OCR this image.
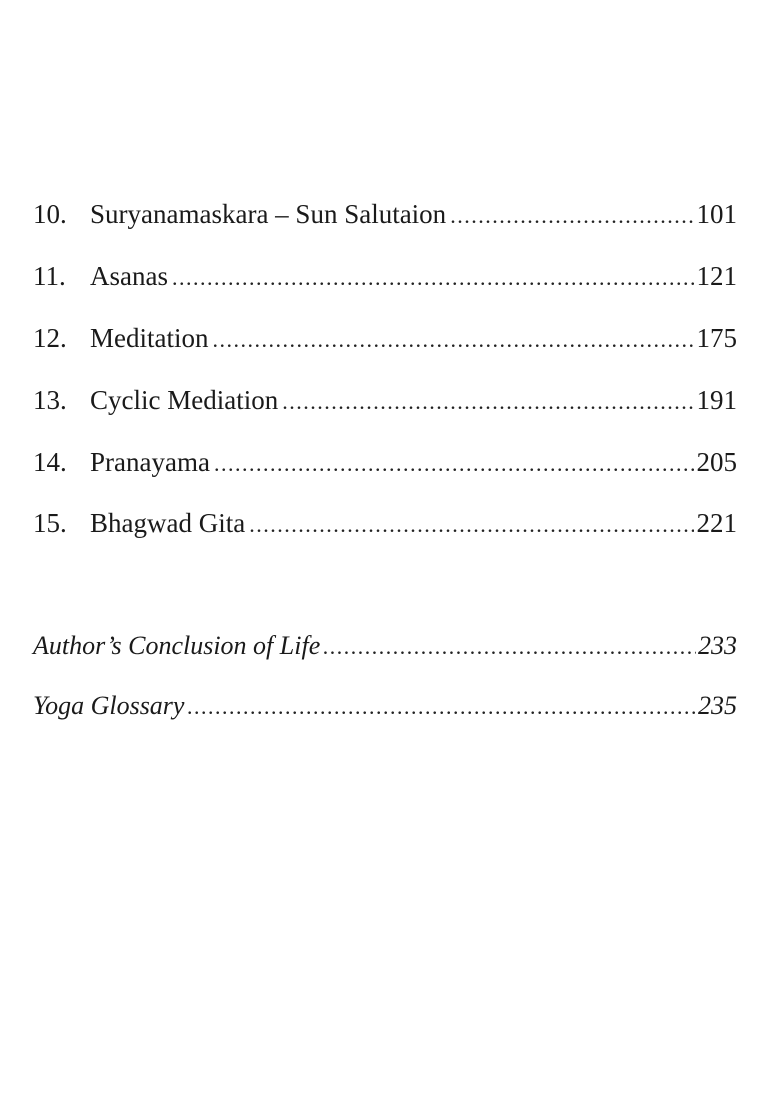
10. Suryanamaskara – Sun Salutaion .....	101
11. Asanas .....	121
12. Meditation .....	175
13. Cyclic Mediation .....	191
14. Pranayama .....	205
15. Bhagwad Gita .....	221
Author’s Conclusion of Life .....	233
Yoga Glossary .....	235
